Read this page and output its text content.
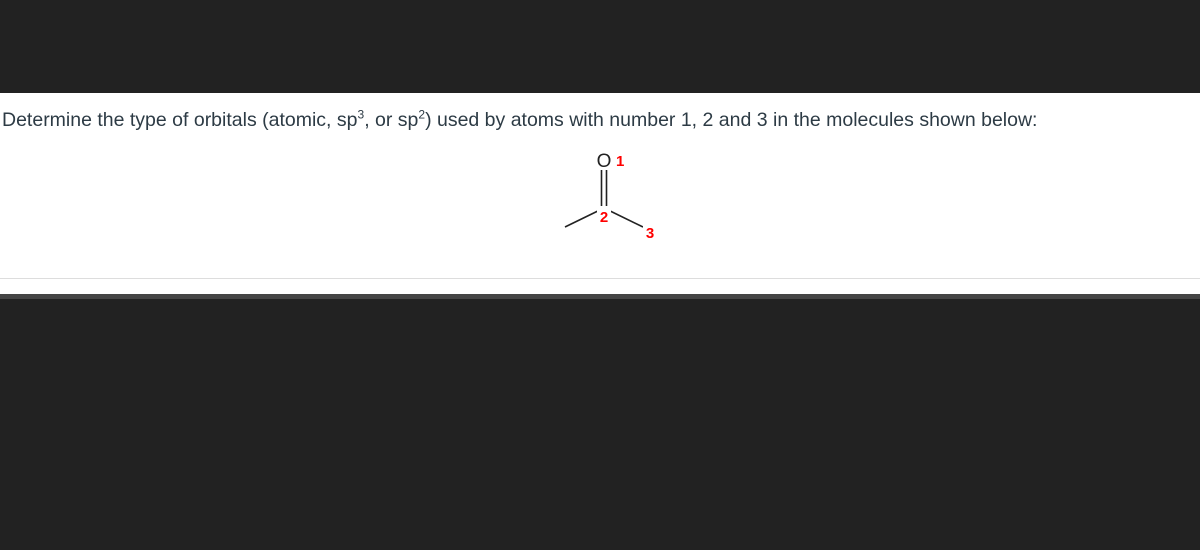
Determine the type of orbitals (atomic, $sp^3$, or $sp^2$) used by atoms with number 1, 2 and 3 in the molecules shown below:

O 1
2
3
